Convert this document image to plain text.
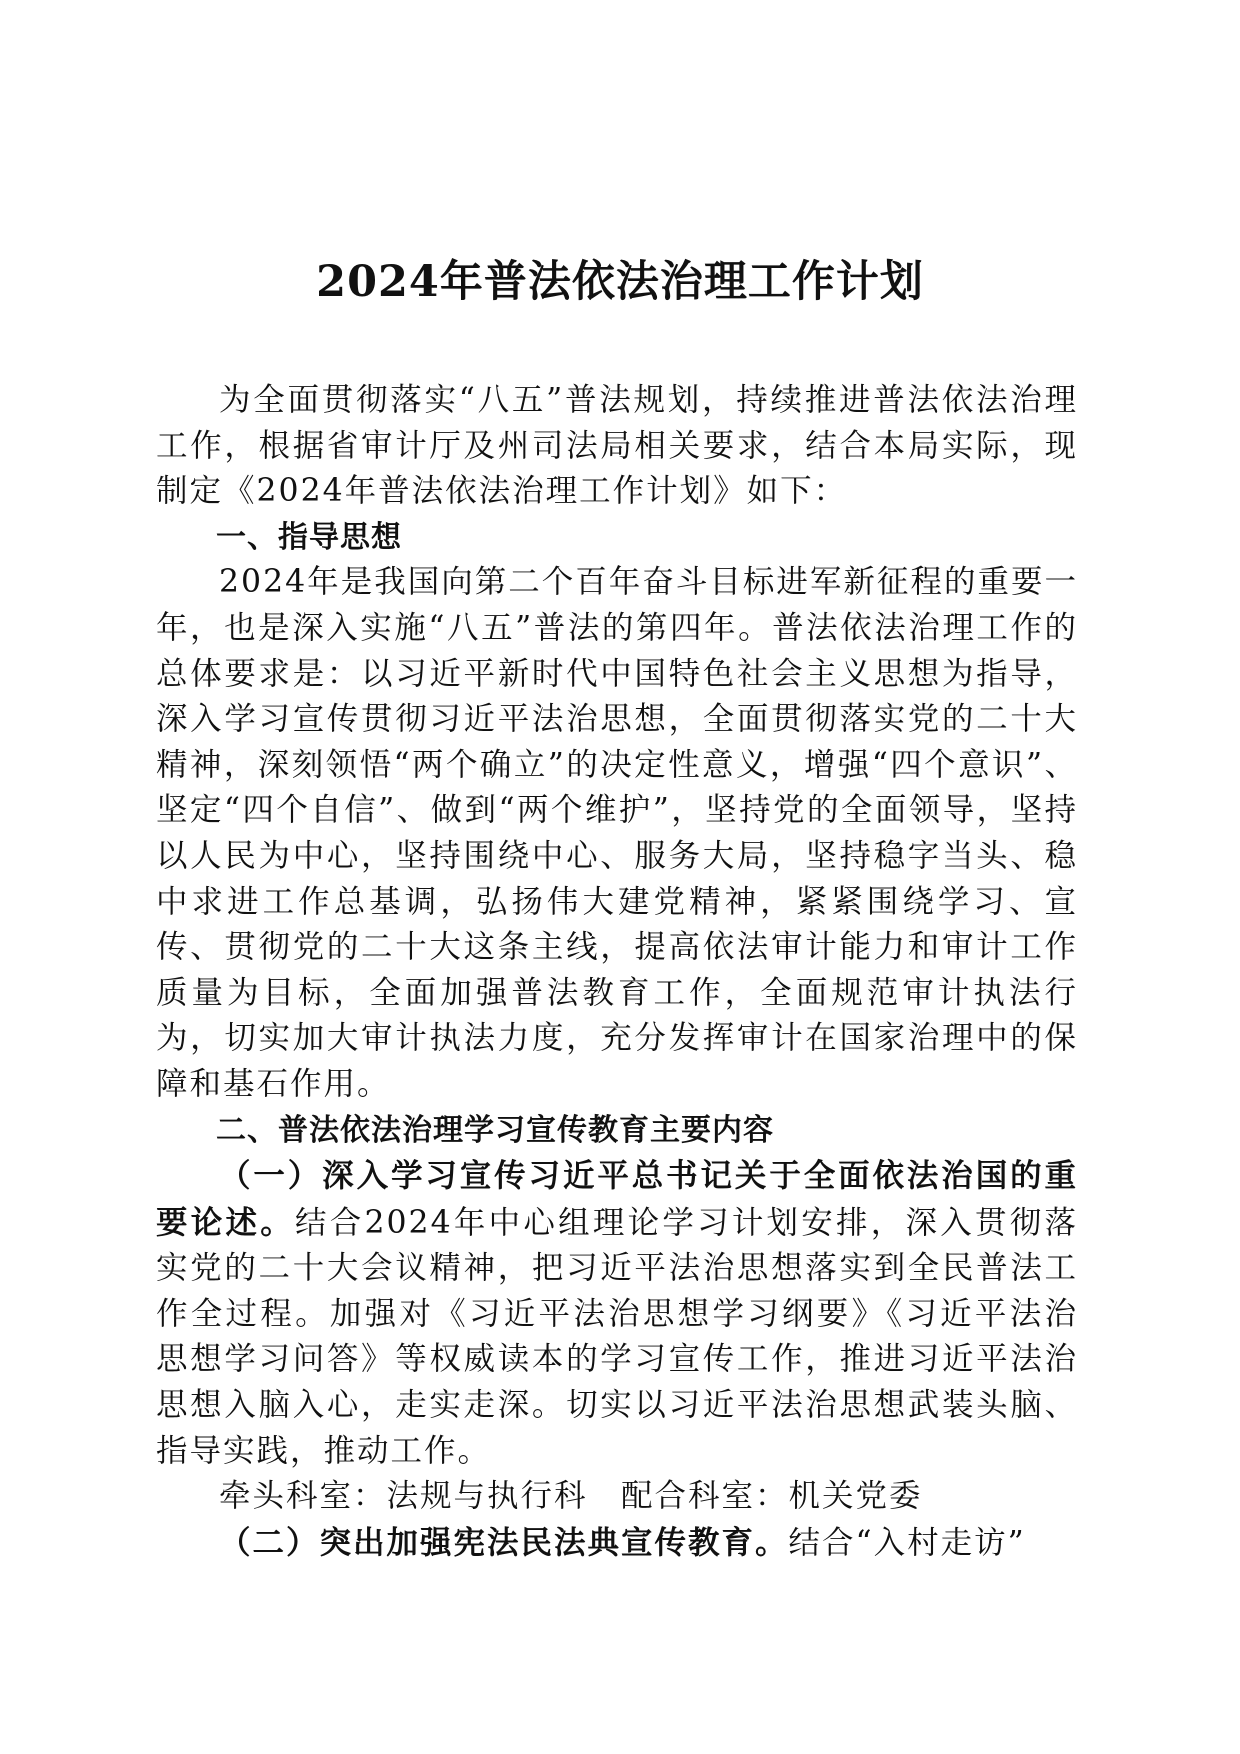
2024年普法依法治理工作计划

为全面贯彻落实“八五”普法规划，持续推进普法依法治理工作，根据省审计厅及州司法局相关要求，结合本局实际，现制定《2024年普法依法治理工作计划》如下：

一、指导思想

2024年是我国向第二个百年奋斗目标进军新征程的重要一年，也是深入实施“八五”普法的第四年。普法依法治理工作的总体要求是：以习近平新时代中国特色社会主义思想为指导，深入学习宣传贯彻习近平法治思想，全面贯彻落实党的二十大精神，深刻领悟“两个确立”的决定性意义，增强“四个意识”、坚定“四个自信”、做到“两个维护”，坚持党的全面领导，坚持以人民为中心，坚持围绕中心、服务大局，坚持稳字当头、稳中求进工作总基调，弘扬伟大建党精神，紧紧围绕学习、宣传、贯彻党的二十大这条主线，提高依法审计能力和审计工作质量为目标，全面加强普法教育工作，全面规范审计执法行为，切实加大审计执法力度，充分发挥审计在国家治理中的保障和基石作用。

二、普法依法治理学习宣传教育主要内容

（一）深入学习宣传习近平总书记关于全面依法治国的重要论述。结合2024年中心组理论学习计划安排，深入贯彻落实党的二十大会议精神，把习近平法治思想落实到全民普法工作全过程。加强对《习近平法治思想学习纲要》《习近平法治思想学习问答》等权威读本的学习宣传工作，推进习近平法治思想入脑入心，走实走深。切实以习近平法治思想武装头脑、指导实践，推动工作。

牵头科室：法规与执行科　配合科室：机关党委

（二）突出加强宪法民法典宣传教育。结合“入村走访”
